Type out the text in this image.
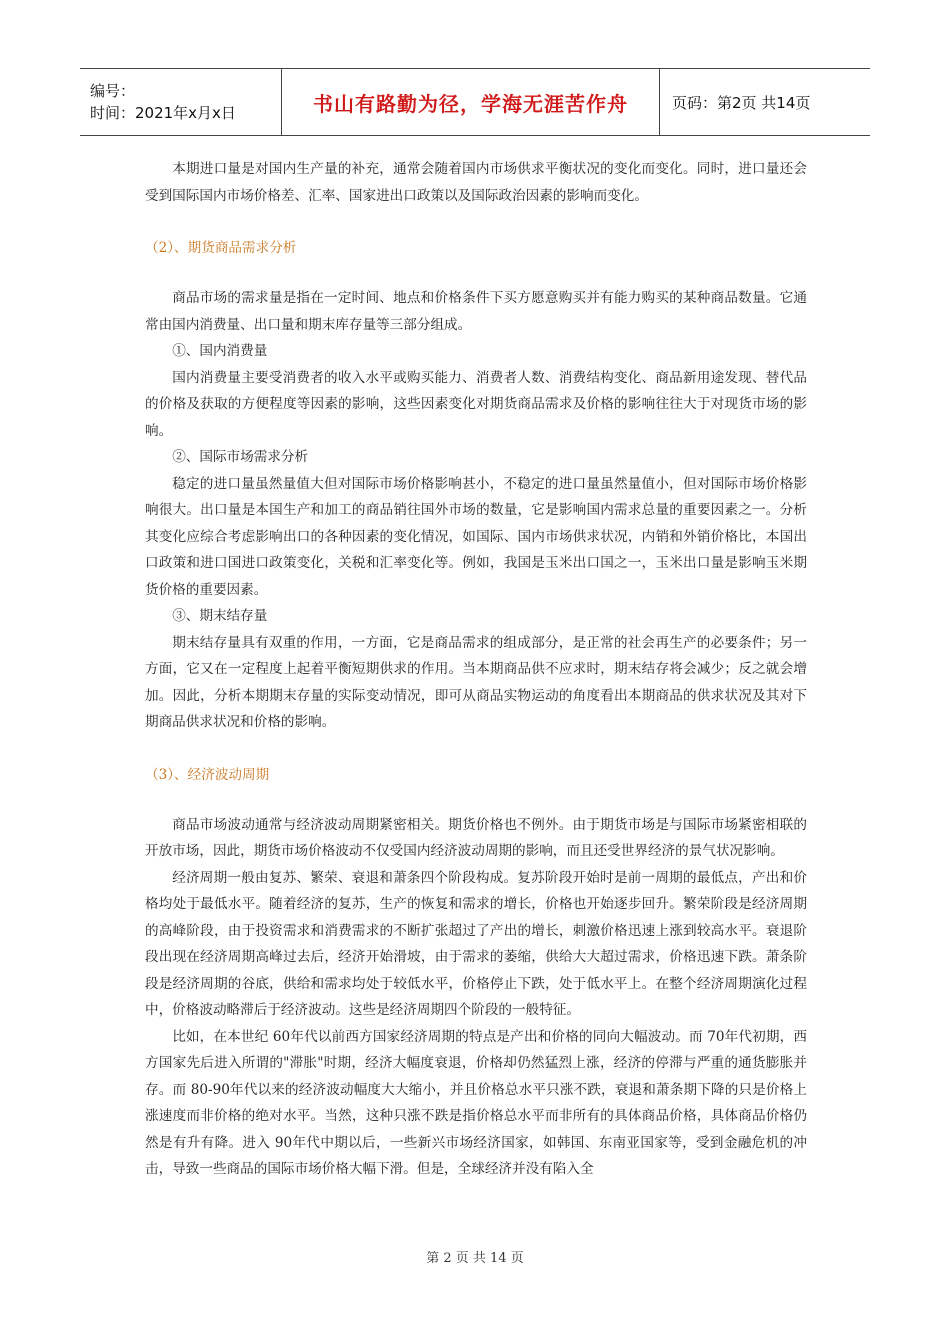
编号：
时间：2021年x月x日	书山有路勤为径，学海无涯苦作舟	页码：第2页 共14页

本期进口量是对国内生产量的补充，通常会随着国内市场供求平衡状况的变化而变化。同时，进口量还会受到国际国内市场价格差、汇率、国家进出口政策以及国际政治因素的影响而变化。

（2）、期货商品需求分析

商品市场的需求量是指在一定时间、地点和价格条件下买方愿意购买并有能力购买的某种商品数量。它通常由国内消费量、出口量和期末库存量等三部分组成。

①、国内消费量

国内消费量主要受消费者的收入水平或购买能力、消费者人数、消费结构变化、商品新用途发现、替代品的价格及获取的方便程度等因素的影响，这些因素变化对期货商品需求及价格的影响往往大于对现货市场的影响。

②、国际市场需求分析

稳定的进口量虽然量值大但对国际市场价格影响甚小，不稳定的进口量虽然量值小，但对国际市场价格影响很大。出口量是本国生产和加工的商品销往国外市场的数量，它是影响国内需求总量的重要因素之一。分析其变化应综合考虑影响出口的各种因素的变化情况，如国际、国内市场供求状况，内销和外销价格比，本国出口政策和进口国进口政策变化，关税和汇率变化等。例如，我国是玉米出口国之一，玉米出口量是影响玉米期货价格的重要因素。

③、期末结存量

期末结存量具有双重的作用，一方面，它是商品需求的组成部分，是正常的社会再生产的必要条件；另一方面，它又在一定程度上起着平衡短期供求的作用。当本期商品供不应求时，期末结存将会减少；反之就会增加。因此，分析本期期末存量的实际变动情况，即可从商品实物运动的角度看出本期商品的供求状况及其对下期商品供求状况和价格的影响。

（3）、经济波动周期

商品市场波动通常与经济波动周期紧密相关。期货价格也不例外。由于期货市场是与国际市场紧密相联的开放市场，因此，期货市场价格波动不仅受国内经济波动周期的影响，而且还受世界经济的景气状况影响。

经济周期一般由复苏、繁荣、衰退和萧条四个阶段构成。复苏阶段开始时是前一周期的最低点，产出和价格均处于最低水平。随着经济的复苏，生产的恢复和需求的增长，价格也开始逐步回升。繁荣阶段是经济周期的高峰阶段，由于投资需求和消费需求的不断扩张超过了产出的增长，刺激价格迅速上涨到较高水平。衰退阶段出现在经济周期高峰过去后，经济开始滑坡，由于需求的萎缩，供给大大超过需求，价格迅速下跌。萧条阶段是经济周期的谷底，供给和需求均处于较低水平，价格停止下跌，处于低水平上。在整个经济周期演化过程中，价格波动略滞后于经济波动。这些是经济周期四个阶段的一般特征。

比如，在本世纪 60年代以前西方国家经济周期的特点是产出和价格的同向大幅波动。而 70年代初期，西方国家先后进入所谓的"滞胀"时期，经济大幅度衰退，价格却仍然猛烈上涨，经济的停滞与严重的通货膨胀并存。而 80-90年代以来的经济波动幅度大大缩小，并且价格总水平只涨不跌，衰退和萧条期下降的只是价格上涨速度而非价格的绝对水平。当然，这种只涨不跌是指价格总水平而非所有的具体商品价格，具体商品价格仍然是有升有降。进入 90年代中期以后，一些新兴市场经济国家，如韩国、东南亚国家等，受到金融危机的冲击，导致一些商品的国际市场价格大幅下滑。但是，全球经济并没有陷入全

第 2 页 共 14 页
